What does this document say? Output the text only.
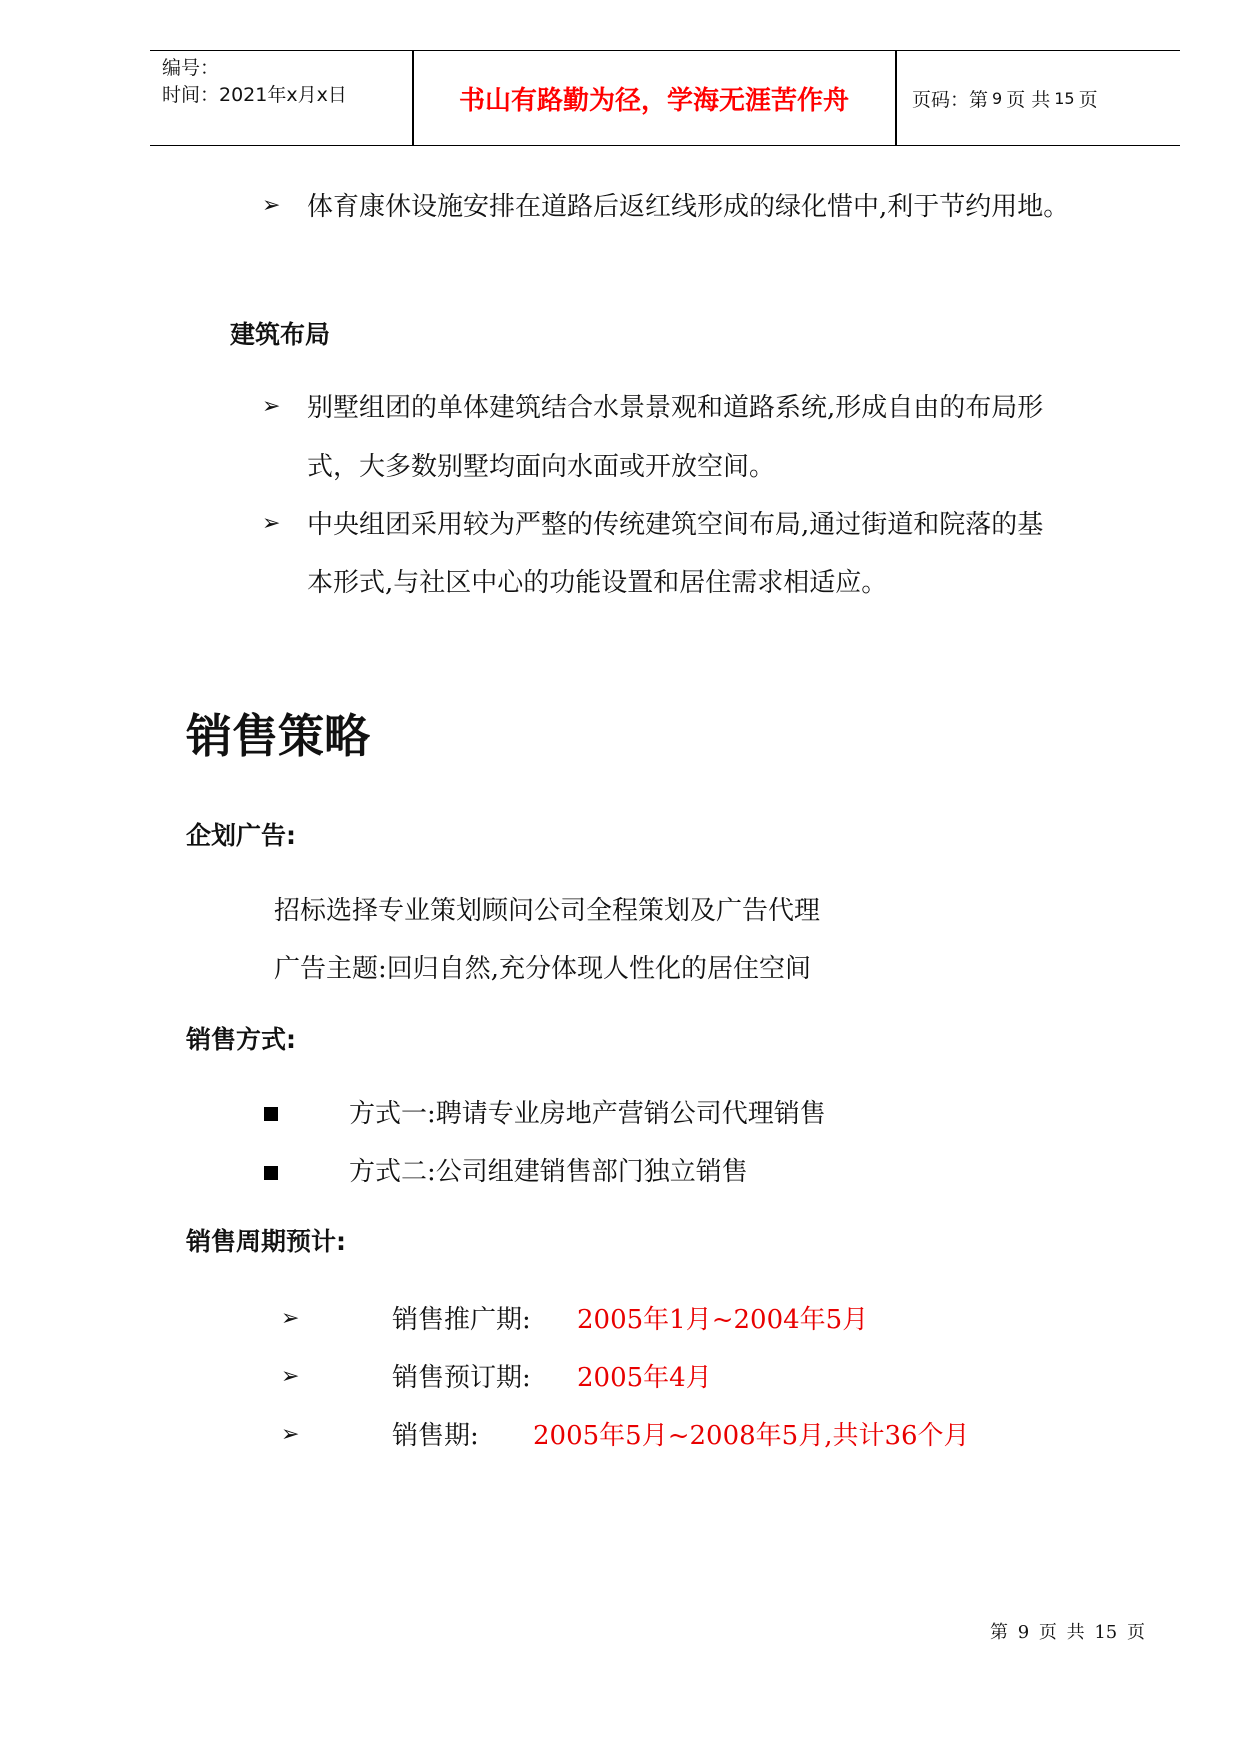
编号：
时间：2021年x月x日	书山有路勤为径，学海无涯苦作舟	页码：第 9 页 共 15 页
➢ 体育康休设施安排在道路后返红线形成的绿化惜中,利于节约用地。
建筑布局
➢ 别墅组团的单体建筑结合水景景观和道路系统,形成自由的布局形
式，大多数别墅均面向水面或开放空间。
➢ 中央组团采用较为严整的传统建筑空间布局,通过街道和院落的基
本形式,与社区中心的功能设置和居住需求相适应。
销售策略
企划广告:
招标选择专业策划顾问公司全程策划及广告代理
广告主题:回归自然,充分体现人性化的居住空间
销售方式:
方式一:聘请专业房地产营销公司代理销售
方式二:公司组建销售部门独立销售
销售周期预计:
➢	销售推广期: 2005年1月~2004年5月
➢	销售预订期: 2005年4月
➢	销售期: 2005年5月~2008年5月,共计36个月
第 9 页 共 15 页
